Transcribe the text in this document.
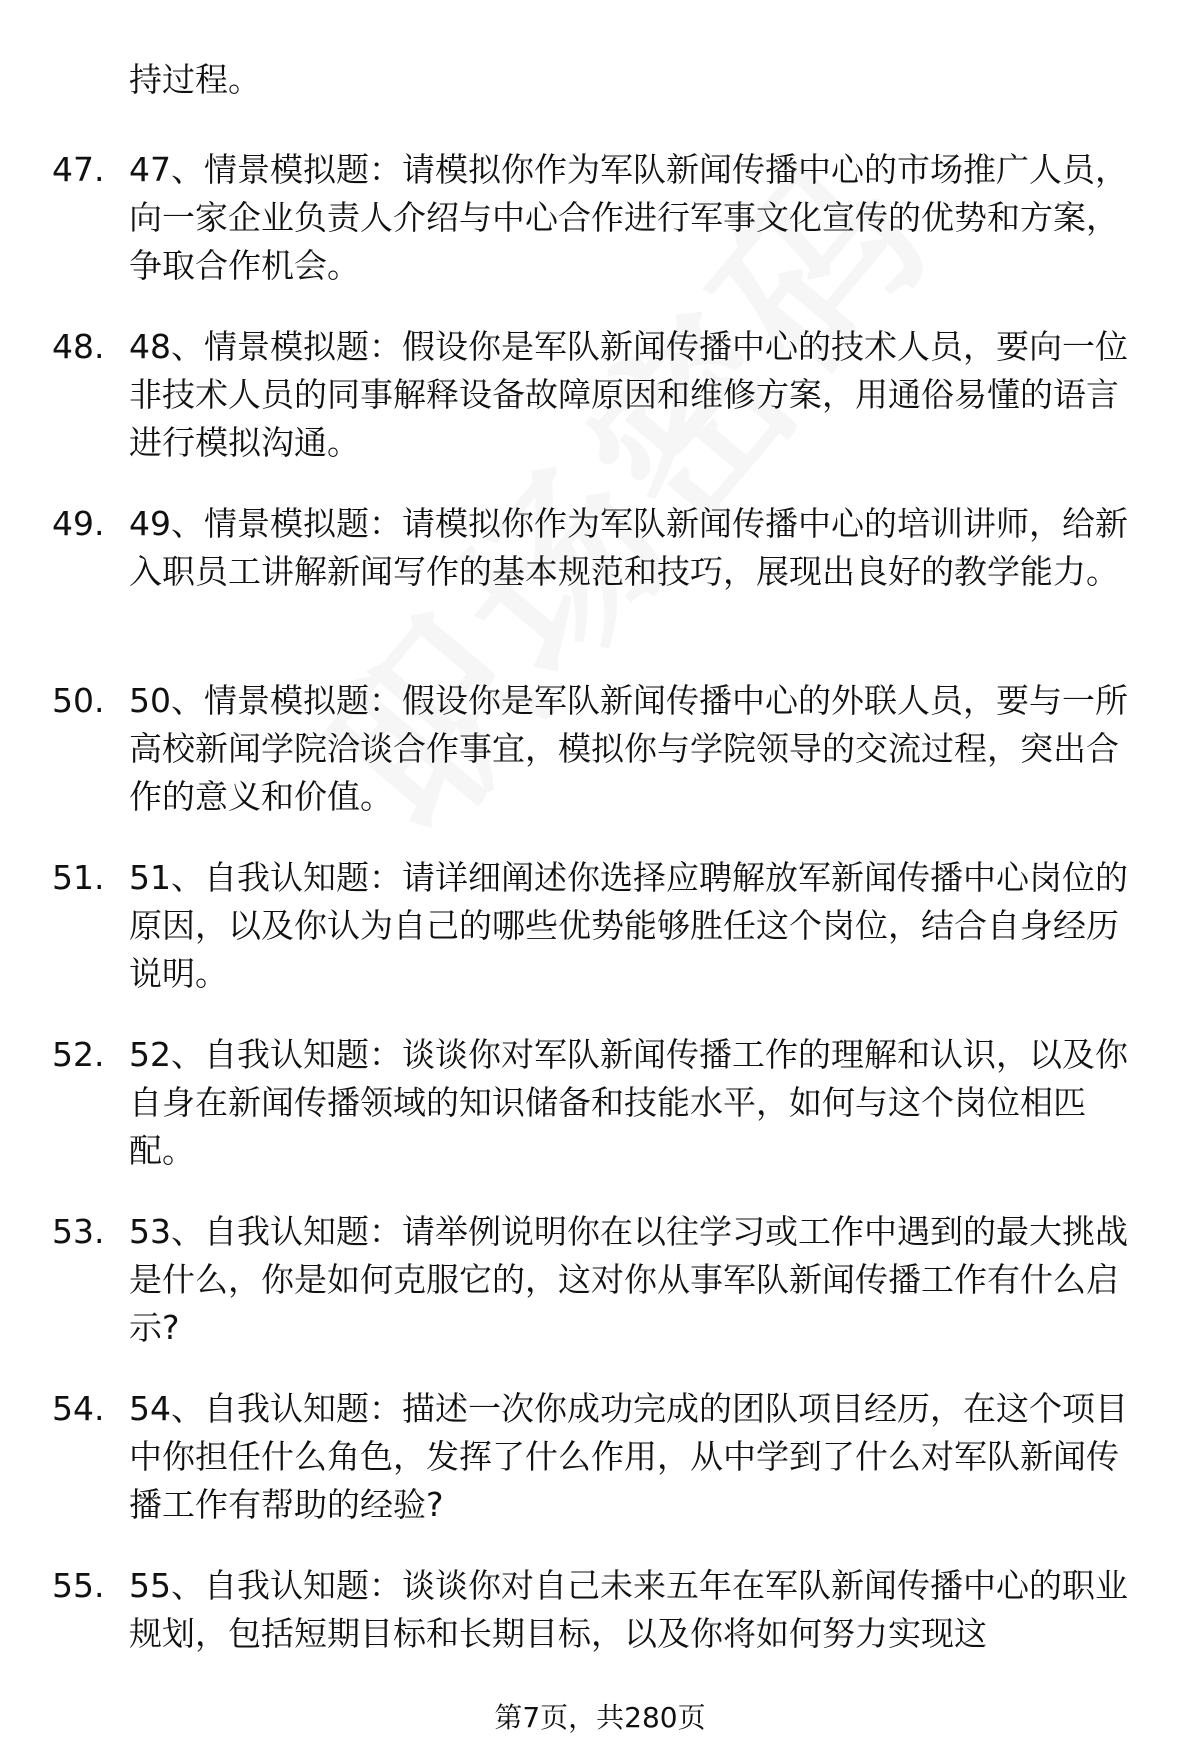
持过程。
47. 47、情景模拟题：请模拟你作为军队新闻传播中心的市场推广人员，向一家企业负责人介绍与中心合作进行军事文化宣传的优势和方案，争取合作机会。
48. 48、情景模拟题：假设你是军队新闻传播中心的技术人员，要向一位非技术人员的同事解释设备故障原因和维修方案，用通俗易懂的语言进行模拟沟通。
49. 49、情景模拟题：请模拟你作为军队新闻传播中心的培训讲师，给新入职员工讲解新闻写作的基本规范和技巧，展现出良好的教学能力。
50. 50、情景模拟题：假设你是军队新闻传播中心的外联人员，要与一所高校新闻学院洽谈合作事宜，模拟你与学院领导的交流过程，突出合作的意义和价值。
51. 51、自我认知题：请详细阐述你选择应聘解放军新闻传播中心岗位的原因，以及你认为自己的哪些优势能够胜任这个岗位，结合自身经历说明。
52. 52、自我认知题：谈谈你对军队新闻传播工作的理解和认识，以及你自身在新闻传播领域的知识储备和技能水平，如何与这个岗位相匹配。
53. 53、自我认知题：请举例说明你在以往学习或工作中遇到的最大挑战是什么，你是如何克服它的，这对你从事军队新闻传播工作有什么启示?
54. 54、自我认知题：描述一次你成功完成的团队项目经历，在这个项目中你担任什么角色，发挥了什么作用，从中学到了什么对军队新闻传播工作有帮助的经验?
55. 55、自我认知题：谈谈你对自己未来五年在军队新闻传播中心的职业规划，包括短期目标和长期目标，以及你将如何努力实现这
第7页，共280页
